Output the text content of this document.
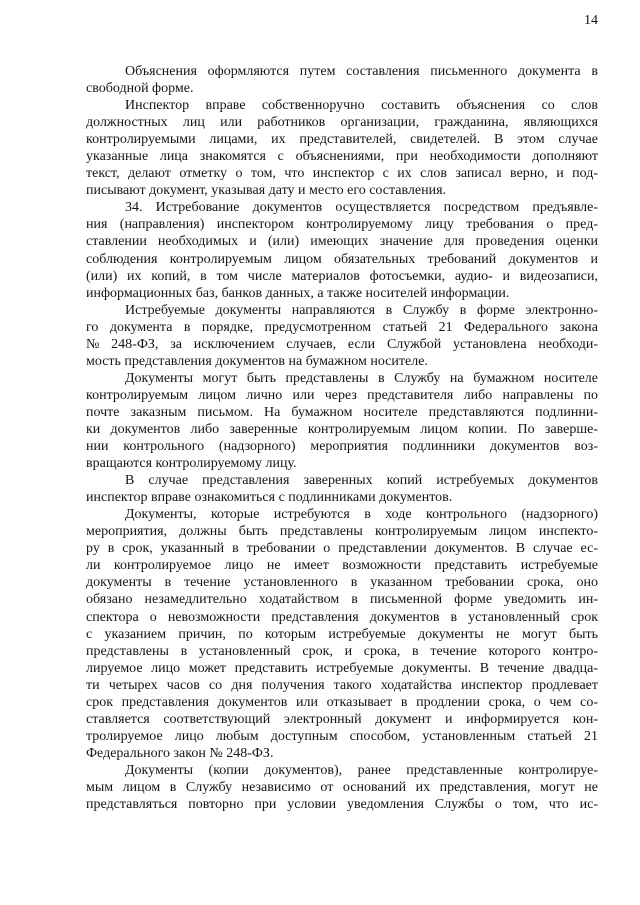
14
Объяснения оформляются путем составления письменного документа в
свободной форме.
Инспектор вправе собственноручно составить объяснения со слов
должностных лиц или работников организации, гражданина, являющихся
контролируемыми лицами, их представителей, свидетелей. В этом случае
указанные лица знакомятся с объяснениями, при необходимости дополняют
текст, делают отметку о том, что инспектор с их слов записал верно, и под-
писывают документ, указывая дату и место его составления.
34. Истребование документов осуществляется посредством предъявле-
ния (направления) инспектором контролируемому лицу требования о пред-
ставлении необходимых и (или) имеющих значение для проведения оценки
соблюдения контролируемым лицом обязательных требований документов и
(или) их копий, в том числе материалов фотосъемки, аудио- и видеозаписи,
информационных баз, банков данных, а также носителей информации.
Истребуемые документы направляются в Службу в форме электронно-
го документа в порядке, предусмотренном статьей 21 Федерального закона
№ 248-ФЗ, за исключением случаев, если Службой установлена необходи-
мость представления документов на бумажном носителе.
Документы могут быть представлены в Службу на бумажном носителе
контролируемым лицом лично или через представителя либо направлены по
почте заказным письмом. На бумажном носителе представляются подлинни-
ки документов либо заверенные контролируемым лицом копии. По заверше-
нии контрольного (надзорного) мероприятия подлинники документов воз-
вращаются контролируемому лицу.
В случае представления заверенных копий истребуемых документов
инспектор вправе ознакомиться с подлинниками документов.
Документы, которые истребуются в ходе контрольного (надзорного)
мероприятия, должны быть представлены контролируемым лицом инспекто-
ру в срок, указанный в требовании о представлении документов. В случае ес-
ли контролируемое лицо не имеет возможности представить истребуемые
документы в течение установленного в указанном требовании срока, оно
обязано незамедлительно ходатайством в письменной форме уведомить ин-
спектора о невозможности представления документов в установленный срок
с указанием причин, по которым истребуемые документы не могут быть
представлены в установленный срок, и срока, в течение которого контро-
лируемое лицо может представить истребуемые документы. В течение двадца-
ти четырех часов со дня получения такого ходатайства инспектор продлевает
срок представления документов или отказывает в продлении срока, о чем со-
ставляется соответствующий электронный документ и информируется кон-
тролируемое лицо любым доступным способом, установленным статьей 21
Федерального закон № 248-ФЗ.
Документы (копии документов), ранее представленные контролируе-
мым лицом в Службу независимо от оснований их представления, могут не
представляться повторно при условии уведомления Службы о том, что ис-
